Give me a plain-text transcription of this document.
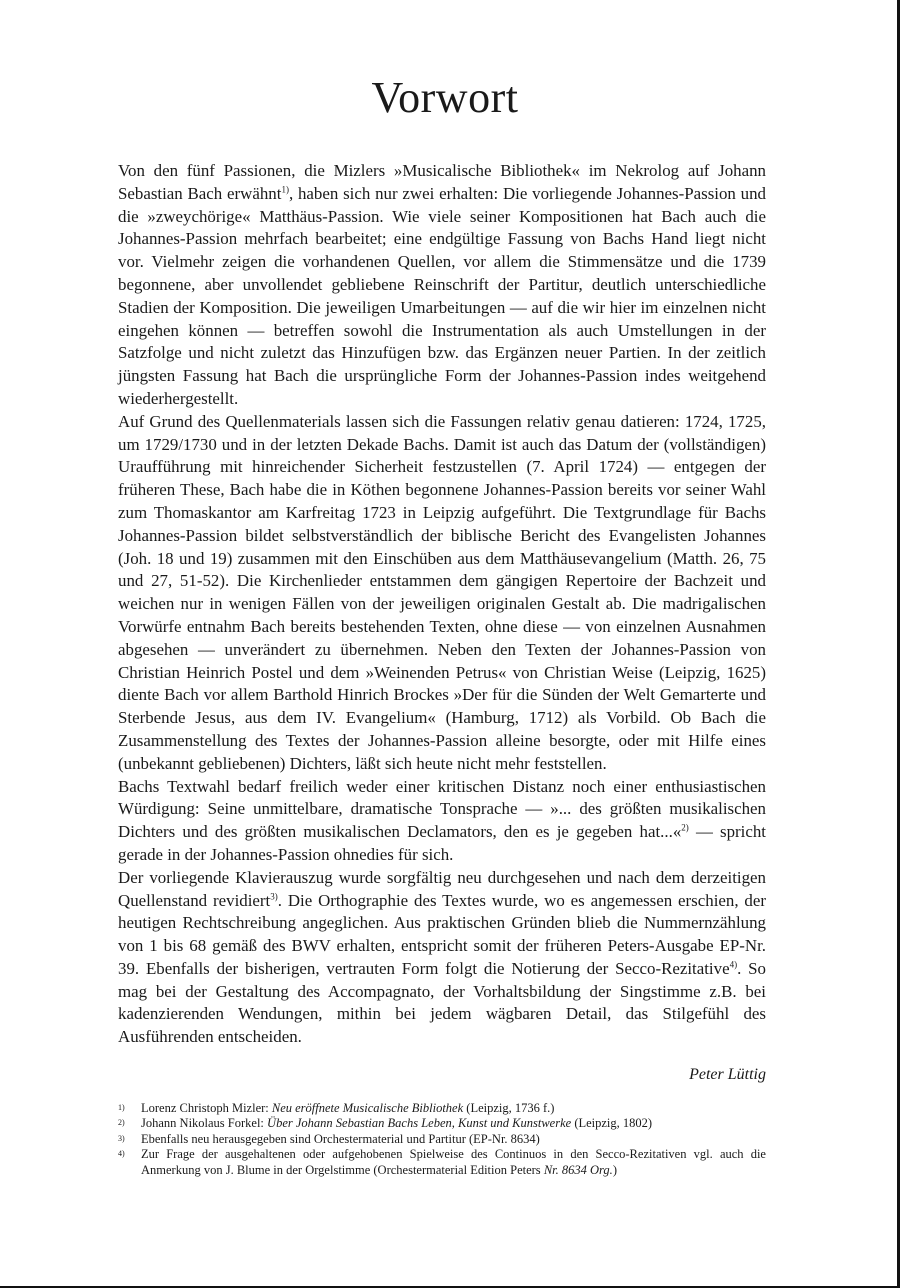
Vorwort

Von den fünf Passionen, die Mizlers »Musicalische Bibliothek« im Nekrolog auf Johann Sebastian Bach erwähnt$^{1)}$, haben sich nur zwei erhalten: Die vorliegende Johannes-Passion und die »zweychörige« Matthäus-Passion. Wie viele seiner Kompositionen hat Bach auch die Johannes-Passion mehrfach bearbeitet; eine endgültige Fassung von Bachs Hand liegt nicht vor. Vielmehr zeigen die vorhandenen Quellen, vor allem die Stimmensätze und die 1739 begonnene, aber unvollendet gebliebene Reinschrift der Partitur, deutlich unterschiedliche Stadien der Komposition. Die jeweiligen Umarbeitungen — auf die wir hier im einzelnen nicht eingehen können — betreffen sowohl die Instrumentation als auch Umstellungen in der Satzfolge und nicht zuletzt das Hinzufügen bzw. das Ergänzen neuer Partien. In der zeitlich jüngsten Fassung hat Bach die ursprüngliche Form der Johannes-Passion indes weitgehend wiederhergestellt.

Auf Grund des Quellenmaterials lassen sich die Fassungen relativ genau datieren: 1724, 1725, um 1729/1730 und in der letzten Dekade Bachs. Damit ist auch das Datum der (vollständigen) Uraufführung mit hinreichender Sicherheit festzustellen (7. April 1724) — entgegen der früheren These, Bach habe die in Köthen begonnene Johannes-Passion bereits vor seiner Wahl zum Thomaskantor am Karfreitag 1723 in Leipzig aufgeführt. Die Textgrundlage für Bachs Johannes-Passion bildet selbstverständlich der biblische Bericht des Evangelisten Johannes (Joh. 18 und 19) zusammen mit den Einschüben aus dem Matthäusevangelium (Matth. 26, 75 und 27, 51-52). Die Kirchenlieder entstammen dem gängigen Repertoire der Bachzeit und weichen nur in wenigen Fällen von der jeweiligen originalen Gestalt ab. Die madrigalischen Vorwürfe entnahm Bach bereits bestehenden Texten, ohne diese — von einzelnen Ausnahmen abgesehen — unverändert zu übernehmen. Neben den Texten der Johannes-Passion von Christian Heinrich Postel und dem »Weinenden Petrus« von Christian Weise (Leipzig, 1625) diente Bach vor allem Barthold Hinrich Brockes »Der für die Sünden der Welt Gemarterte und Sterbende Jesus, aus dem IV. Evangelium« (Hamburg, 1712) als Vorbild. Ob Bach die Zusammenstellung des Textes der Johannes-Passion alleine besorgte, oder mit Hilfe eines (unbekannt gebliebenen) Dichters, läßt sich heute nicht mehr feststellen.

Bachs Textwahl bedarf freilich weder einer kritischen Distanz noch einer enthusiastischen Würdigung: Seine unmittelbare, dramatische Tonsprache — »... des größten musikalischen Dichters und des größten musikalischen Declamators, den es je gegeben hat...«$^{2)}$ — spricht gerade in der Johannes-Passion ohnedies für sich.

Der vorliegende Klavierauszug wurde sorgfältig neu durchgesehen und nach dem derzeitigen Quellenstand revidiert$^{3)}$. Die Orthographie des Textes wurde, wo es angemessen erschien, der heutigen Rechtschreibung angeglichen. Aus praktischen Gründen blieb die Nummernzählung von 1 bis 68 gemäß des BWV erhalten, entspricht somit der früheren Peters-Ausgabe EP-Nr. 39. Ebenfalls der bisherigen, vertrauten Form folgt die Notierung der Secco-Rezitative$^{4)}$. So mag bei der Gestaltung des Accompagnato, der Vorhaltsbildung der Singstimme z.B. bei kadenzierenden Wendungen, mithin bei jedem wägbaren Detail, das Stilgefühl des Ausführenden entscheiden.

Peter Lüttig
1) Lorenz Christoph Mizler: Neu eröffnete Musicalische Bibliothek (Leipzig, 1736 f.)
2) Johann Nikolaus Forkel: Über Johann Sebastian Bachs Leben, Kunst und Kunstwerke (Leipzig, 1802)
3) Ebenfalls neu herausgegeben sind Orchestermaterial und Partitur (EP-Nr. 8634)
4) Zur Frage der ausgehaltenen oder aufgehobenen Spielweise des Continuos in den Secco-Rezitativen vgl. auch die Anmerkung von J. Blume in der Orgelstimme (Orchestermaterial Edition Peters Nr. 8634 Org.)
